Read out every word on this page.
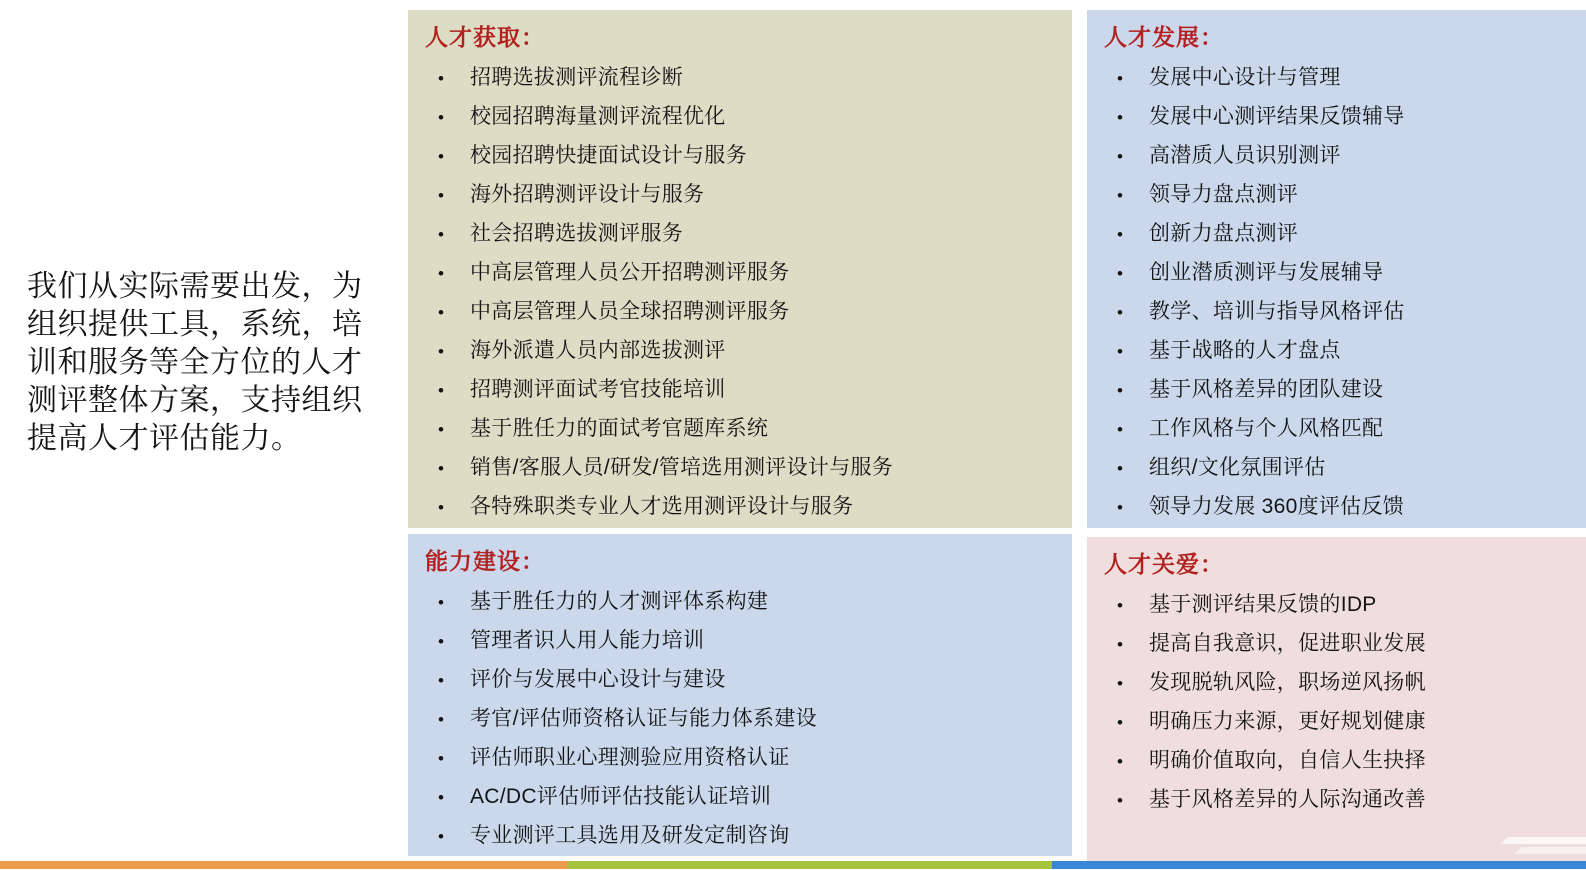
我们从实际需要出发，为
组织提供工具，系统，培
训和服务等全方位的人才
测评整体方案，支持组织
提高人才评估能力。
人才获取：
•	招聘选拔测评流程诊断
•	校园招聘海量测评流程优化
•	校园招聘快捷面试设计与服务
•	海外招聘测评设计与服务
•	社会招聘选拔测评服务
•	中高层管理人员公开招聘测评服务
•	中高层管理人员全球招聘测评服务
•	海外派遣人员内部选拔测评
•	招聘测评面试考官技能培训
•	基于胜任力的面试考官题库系统
•	销售/客服人员/研发/管培选用测评设计与服务
•	各特殊职类专业人才选用测评设计与服务
人才发展：
•	发展中心设计与管理
•	发展中心测评结果反馈辅导
•	高潜质人员识别测评
•	领导力盘点测评
•	创新力盘点测评
•	创业潜质测评与发展辅导
•	教学、培训与指导风格评估
•	基于战略的人才盘点
•	基于风格差异的团队建设
•	工作风格与个人风格匹配
•	组织/文化氛围评估
•	领导力发展 360度评估反馈
能力建设：
•	基于胜任力的人才测评体系构建
•	管理者识人用人能力培训
•	评价与发展中心设计与建设
•	考官/评估师资格认证与能力体系建设
•	评估师职业心理测验应用资格认证
•	AC/DC评估师评估技能认证培训
•	专业测评工具选用及研发定制咨询
人才关爱：
•	基于测评结果反馈的IDP
•	提高自我意识，促进职业发展
•	发现脱轨风险，职场逆风扬帆
•	明确压力来源，更好规划健康
•	明确价值取向，自信人生抉择
•	基于风格差异的人际沟通改善
